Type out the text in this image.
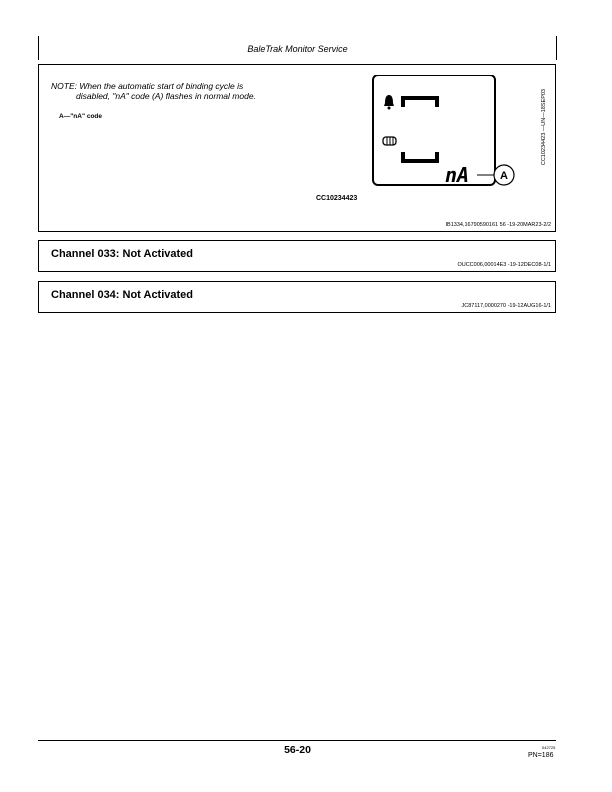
BaleTrak Monitor Service
NOTE: When the automatic start of binding cycle is
disabled, "nA" code (A) flashes in normal mode.
A—"nA" code
nA	A
CC10234423 —UN—18SEP03
CC10234423
IB1334,16790590161 56 -19-20MAR23-2/2
Channel 033: Not Activated
OUCC006,00014E3 -19-12DEC08-1/1
Channel 034: Not Activated
JC87117,0000270 -19-12AUG16-1/1
56-20	042725
PN=186
